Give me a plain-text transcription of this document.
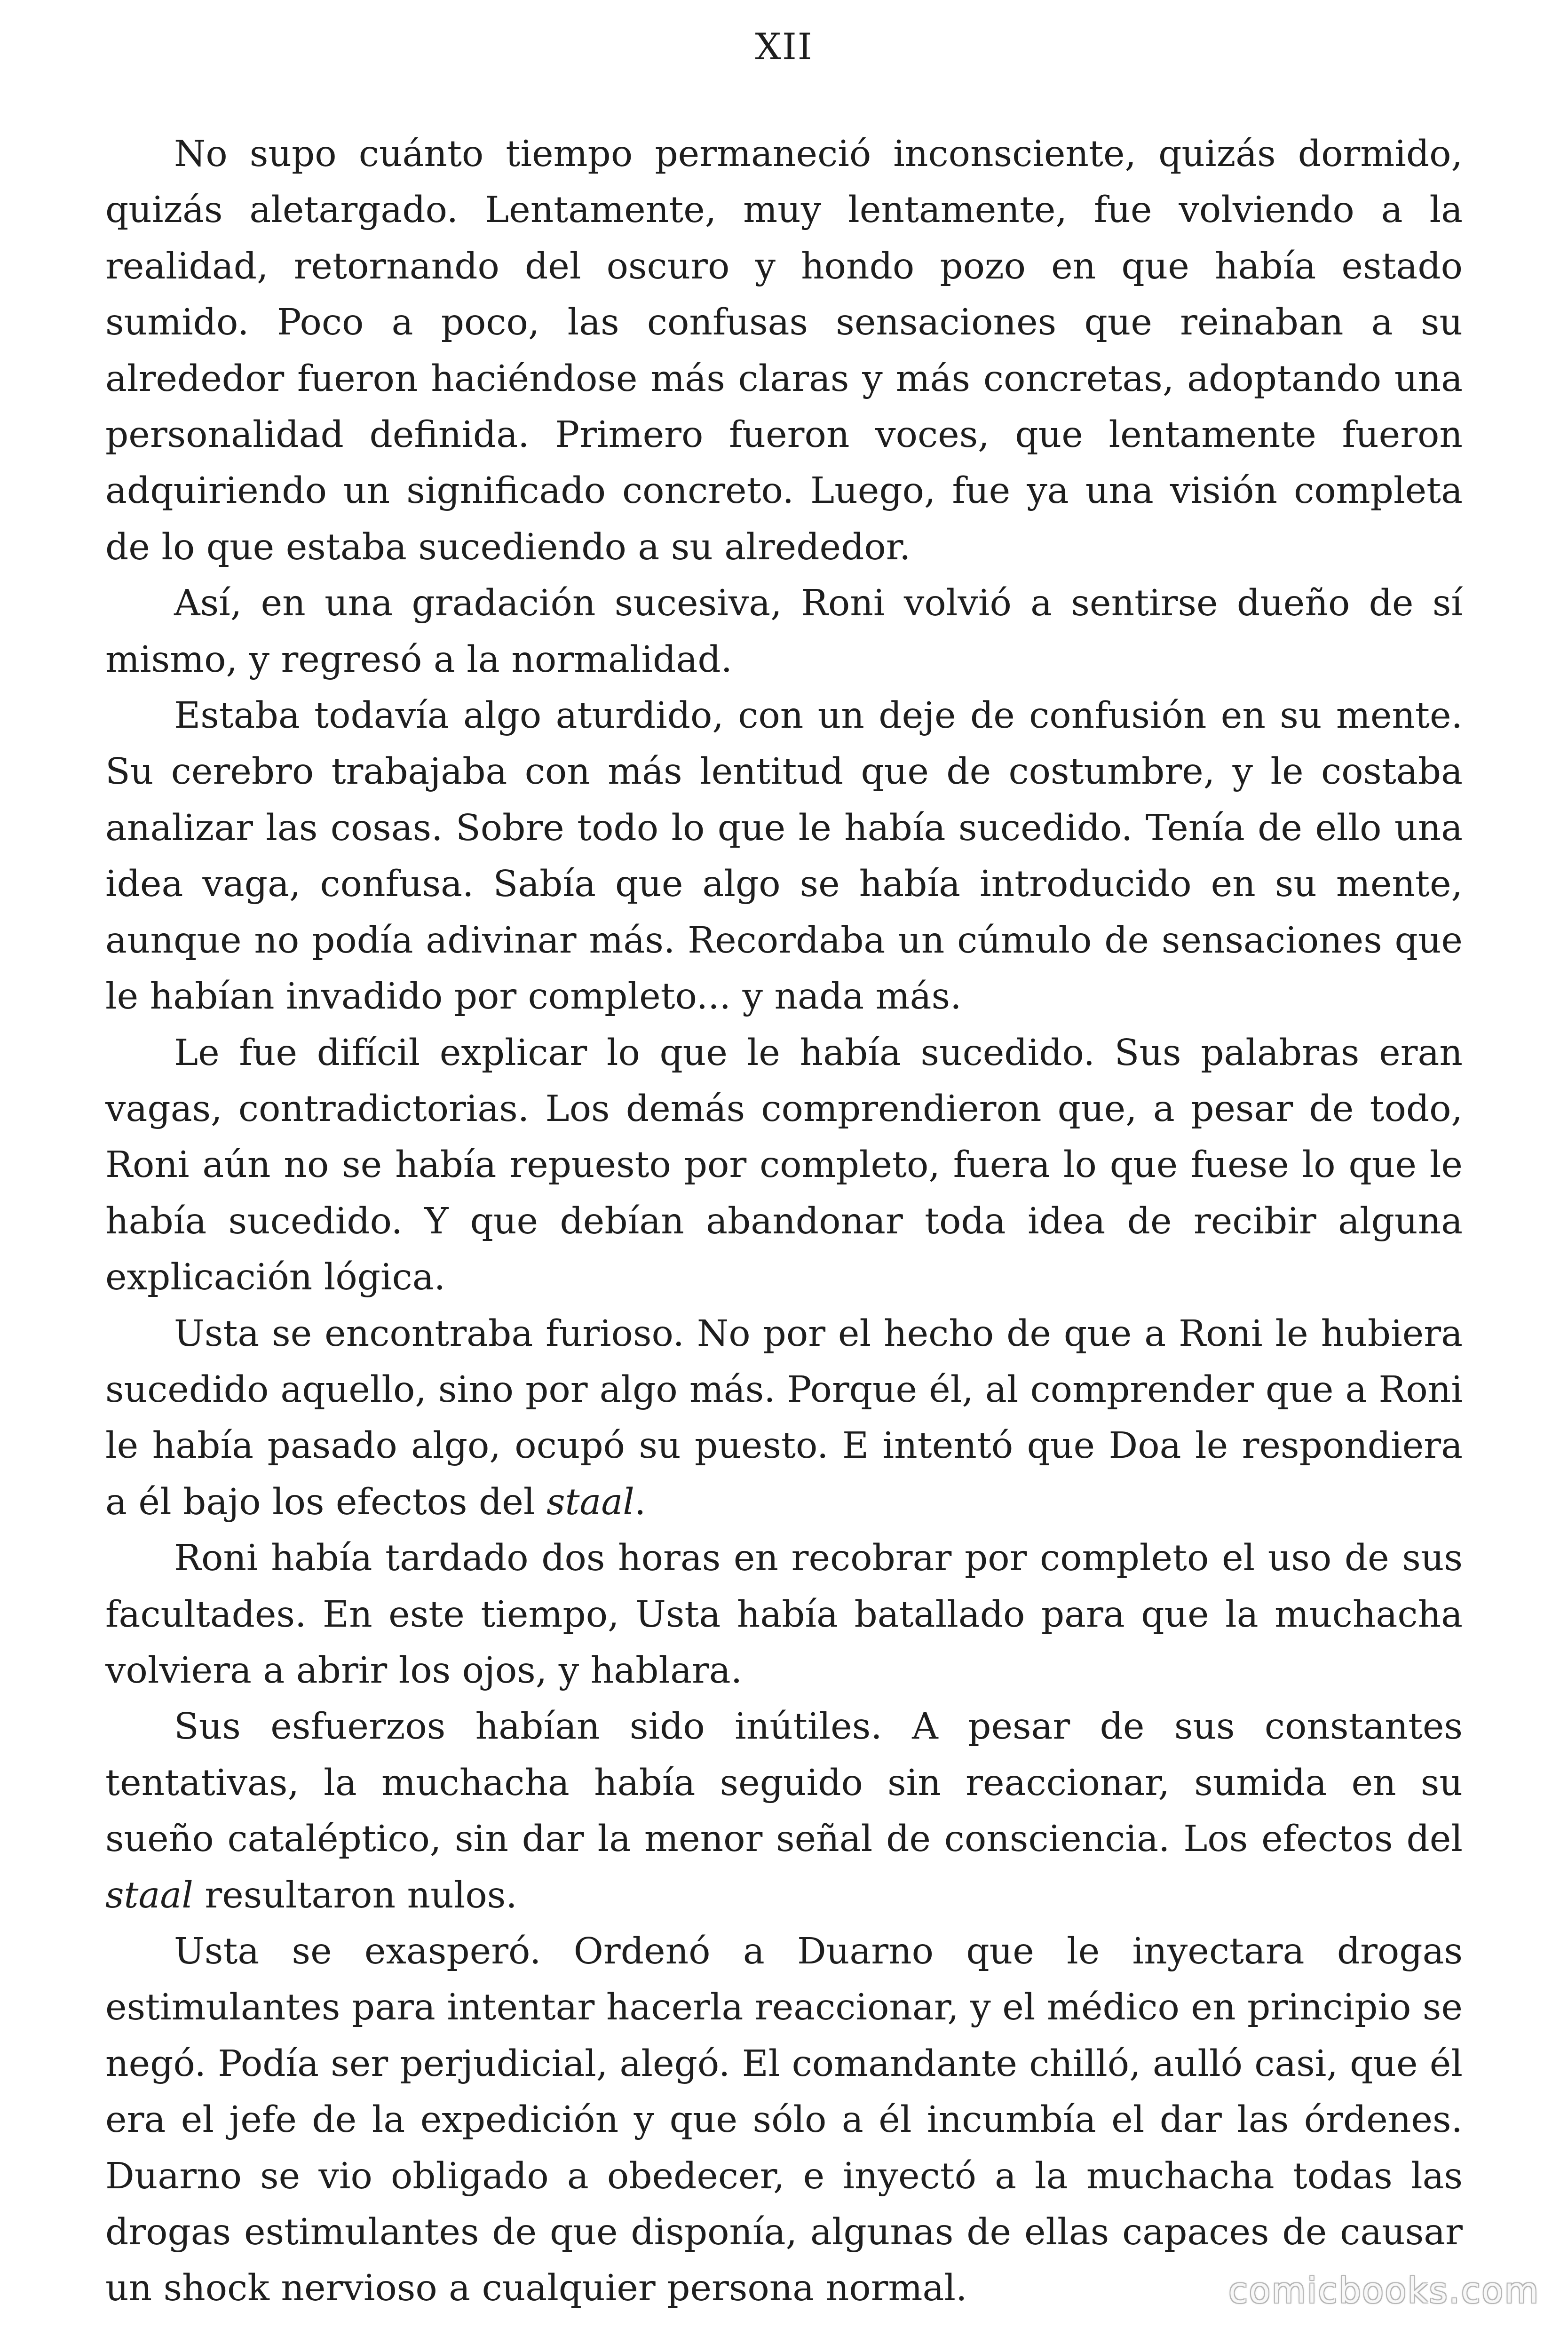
XII

No supo cuánto tiempo permaneció inconsciente, quizás dormido, quizás aletargado. Lentamente, muy lentamente, fue volviendo a la realidad, retornando del oscuro y hondo pozo en que había estado sumido. Poco a poco, las confusas sensaciones que reinaban a su alrededor fueron haciéndose más claras y más concretas, adoptando una personalidad definida. Primero fueron voces, que lentamente fueron adquiriendo un significado concreto. Luego, fue ya una visión completa de lo que estaba sucediendo a su alrededor.

Así, en una gradación sucesiva, Roni volvió a sentirse dueño de sí mismo, y regresó a la normalidad.

Estaba todavía algo aturdido, con un deje de confusión en su mente. Su cerebro trabajaba con más lentitud que de costumbre, y le costaba analizar las cosas. Sobre todo lo que le había sucedido. Tenía de ello una idea vaga, confusa. Sabía que algo se había introducido en su mente, aunque no podía adivinar más. Recordaba un cúmulo de sensaciones que le habían invadido por completo... y nada más.

Le fue difícil explicar lo que le había sucedido. Sus palabras eran vagas, contradictorias. Los demás comprendieron que, a pesar de todo, Roni aún no se había repuesto por completo, fuera lo que fuese lo que le había sucedido. Y que debían abandonar toda idea de recibir alguna explicación lógica.

Usta se encontraba furioso. No por el hecho de que a Roni le hubiera sucedido aquello, sino por algo más. Porque él, al comprender que a Roni le había pasado algo, ocupó su puesto. E intentó que Doa le respondiera a él bajo los efectos del staal.

Roni había tardado dos horas en recobrar por completo el uso de sus facultades. En este tiempo, Usta había batallado para que la muchacha volviera a abrir los ojos, y hablara.

Sus esfuerzos habían sido inútiles. A pesar de sus constantes tentativas, la muchacha había seguido sin reaccionar, sumida en su sueño cataléptico, sin dar la menor señal de consciencia. Los efectos del staal resultaron nulos.

Usta se exasperó. Ordenó a Duarno que le inyectara drogas estimulantes para intentar hacerla reaccionar, y el médico en principio se negó. Podía ser perjudicial, alegó. El comandante chilló, aulló casi, que él era el jefe de la expedición y que sólo a él incumbía el dar las órdenes. Duarno se vio obligado a obedecer, e inyectó a la muchacha todas las drogas estimulantes de que disponía, algunas de ellas capaces de causar un shock nervioso a cualquier persona normal.	comicbooks.com
